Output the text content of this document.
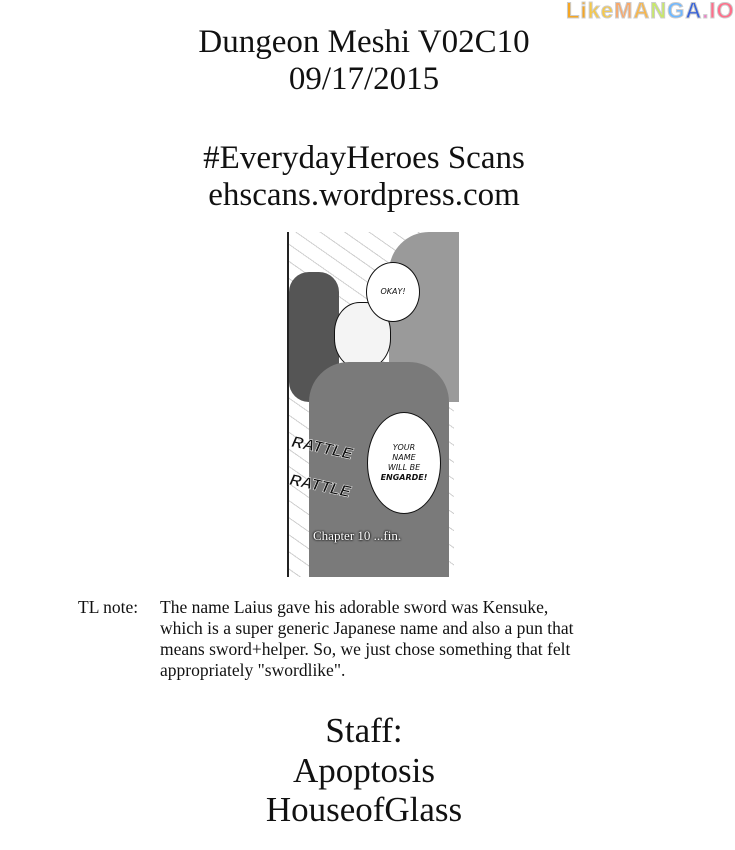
LikeMANGA.IO
Dungeon Meshi V02C10
09/17/2015
#EverydayHeroes Scans
ehscans.wordpress.com
OKAY!
YOUR
NAME
WILL BE
ENGARDE!
RATTLE
RATTLE
Chapter 10 ...fin.
TL note: The name Laius gave his adorable sword was Kensuke,
which is a super generic Japanese name and also a pun that
means sword+helper. So, we just chose something that felt
appropriately "swordlike".
Staff:
Apoptosis
HouseofGlass
